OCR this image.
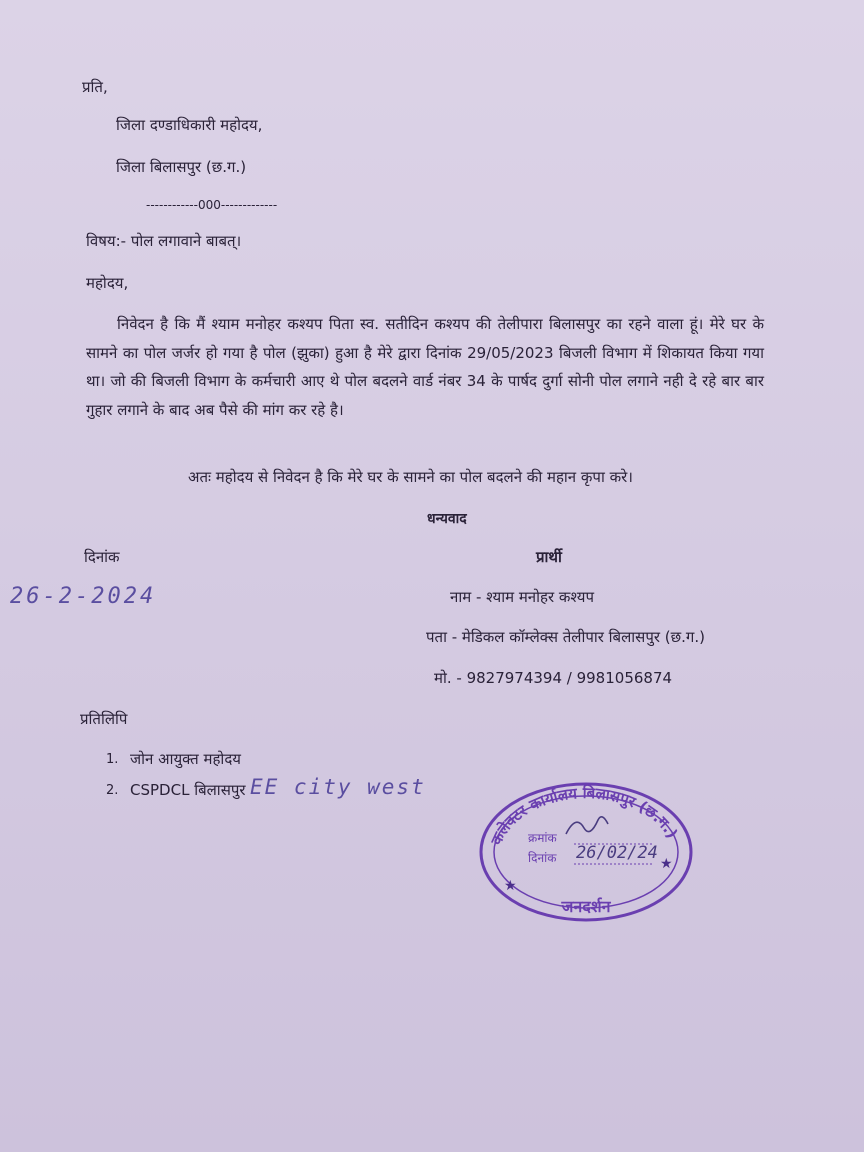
प्रति,
जिला दण्डाधिकारी महोदय,
जिला बिलासपुर (छ.ग.)
------------000-------------
विषय:- पोल लगावाने बाबत्।
महोदय,
निवेदन है कि मैं श्याम मनोहर कश्यप पिता स्व. सतीदिन कश्यप की तेलीपारा बिलासपुर का रहने वाला हूं। मेरे घर के सामने का पोल जर्जर हो गया है पोल (झुका) हुआ है मेरे द्वारा दिनांक 29/05/2023 बिजली विभाग में शिकायत किया गया था। जो की बिजली विभाग के कर्मचारी आए थे पोल बदलने वार्ड नंबर 34 के पार्षद दुर्गा सोनी पोल लगाने नही दे रहे बार बार गुहार लगाने के बाद अब पैसे की मांग कर रहे है।
अतः महोदय से निवेदन है कि मेरे घर के सामने का पोल बदलने की महान कृपा करे।
धन्यवाद
दिनांक
26-2-2024
प्रार्थी
नाम - श्याम मनोहर कश्यप
पता - मेडिकल कॉम्लेक्स तेलीपार बिलासपुर (छ.ग.)
मो. - 9827974394 / 9981056874
प्रतिलिपि
1. जोन आयुक्त महोदय
2. CSPDCL बिलासपुर EE city west
कलेक्टर कार्यालय बिलासपुर (छ.ग.)
क्रमांक
दिनांक 26/02/24
जनदर्शन
★
★
